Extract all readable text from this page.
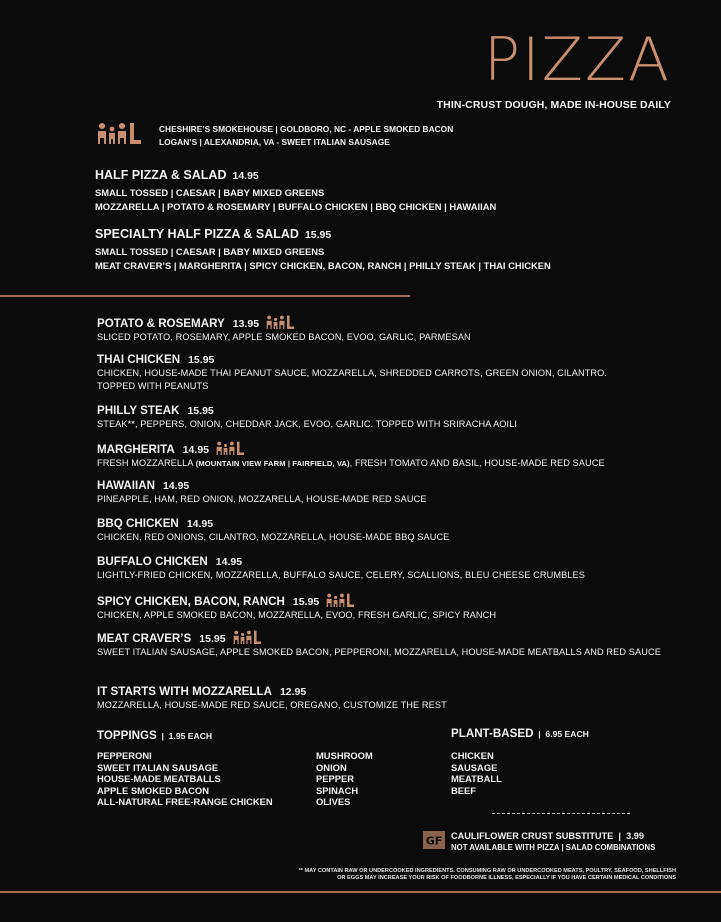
PIZZA
THIN-CRUST DOUGH, MADE IN-HOUSE DAILY
CHESHIRE’S SMOKEHOUSE | GOLDBORO, NC - APPLE SMOKED BACON
LOGAN’S | ALEXANDRIA, VA - SWEET ITALIAN SAUSAGE
HALF PIZZA & SALAD 14.95
SMALL TOSSED | CAESAR | BABY MIXED GREENS
MOZZARELLA | POTATO & ROSEMARY | BUFFALO CHICKEN | BBQ CHICKEN | HAWAIIAN
SPECIALTY HALF PIZZA & SALAD 15.95
SMALL TOSSED | CAESAR | BABY MIXED GREENS
MEAT CRAVER’S | MARGHERITA | SPICY CHICKEN, BACON, RANCH | PHILLY STEAK | THAI CHICKEN
POTATO & ROSEMARY 13.95
SLICED POTATO, ROSEMARY, APPLE SMOKED BACON, EVOO, GARLIC, PARMESAN
THAI CHICKEN 15.95
CHICKEN, HOUSE-MADE THAI PEANUT SAUCE, MOZZARELLA, SHREDDED CARROTS, GREEN ONION, CILANTRO.
TOPPED WITH PEANUTS
PHILLY STEAK 15.95
STEAK**, PEPPERS, ONION, CHEDDAR JACK, EVOO, GARLIC. TOPPED WITH SRIRACHA AOILI
MARGHERITA 14.95
FRESH MOZZARELLA (MOUNTAIN VIEW FARM | FAIRFIELD, VA), FRESH TOMATO AND BASIL, HOUSE-MADE RED SAUCE
HAWAIIAN 14.95
PINEAPPLE, HAM, RED ONION, MOZZARELLA, HOUSE-MADE RED SAUCE
BBQ CHICKEN 14.95
CHICKEN, RED ONIONS, CILANTRO, MOZZARELLA, HOUSE-MADE BBQ SAUCE
BUFFALO CHICKEN 14.95
LIGHTLY-FRIED CHICKEN, MOZZARELLA, BUFFALO SAUCE, CELERY, SCALLIONS, BLEU CHEESE CRUMBLES
SPICY CHICKEN, BACON, RANCH 15.95
CHICKEN, APPLE SMOKED BACON, MOZZARELLA, EVOO, FRESH GARLIC, SPICY RANCH
MEAT CRAVER’S 15.95
SWEET ITALIAN SAUSAGE, APPLE SMOKED BACON, PEPPERONI, MOZZARELLA, HOUSE-MADE MEATBALLS AND RED SAUCE
IT STARTS WITH MOZZARELLA 12.95
MOZZARELLA, HOUSE-MADE RED SAUCE, OREGANO, CUSTOMIZE THE REST
TOPPINGS  |  1.95 EACH
PEPPERONI
SWEET ITALIAN SAUSAGE
HOUSE-MADE MEATBALLS
APPLE SMOKED BACON
ALL-NATURAL FREE-RANGE CHICKEN
MUSHROOM
ONION
PEPPER
SPINACH
OLIVES
PLANT-BASED  |  6.95 EACH
CHICKEN
SAUSAGE
MEATBALL
BEEF
GF CAULIFLOWER CRUST SUBSTITUTE  |  3.99
NOT AVAILABLE WITH PIZZA | SALAD COMBINATIONS
** MAY CONTAIN RAW OR UNDERCOOKED INGREDIENTS. CONSUMING RAW OR UNDERCOOKED MEATS, POULTRY, SEAFOOD, SHELLFISH
OR EGGS MAY INCREASE YOUR RISK OF FOODBORNE ILLNESS, ESPECIALLY IF YOU HAVE CERTAIN MEDICAL CONDITIONS
